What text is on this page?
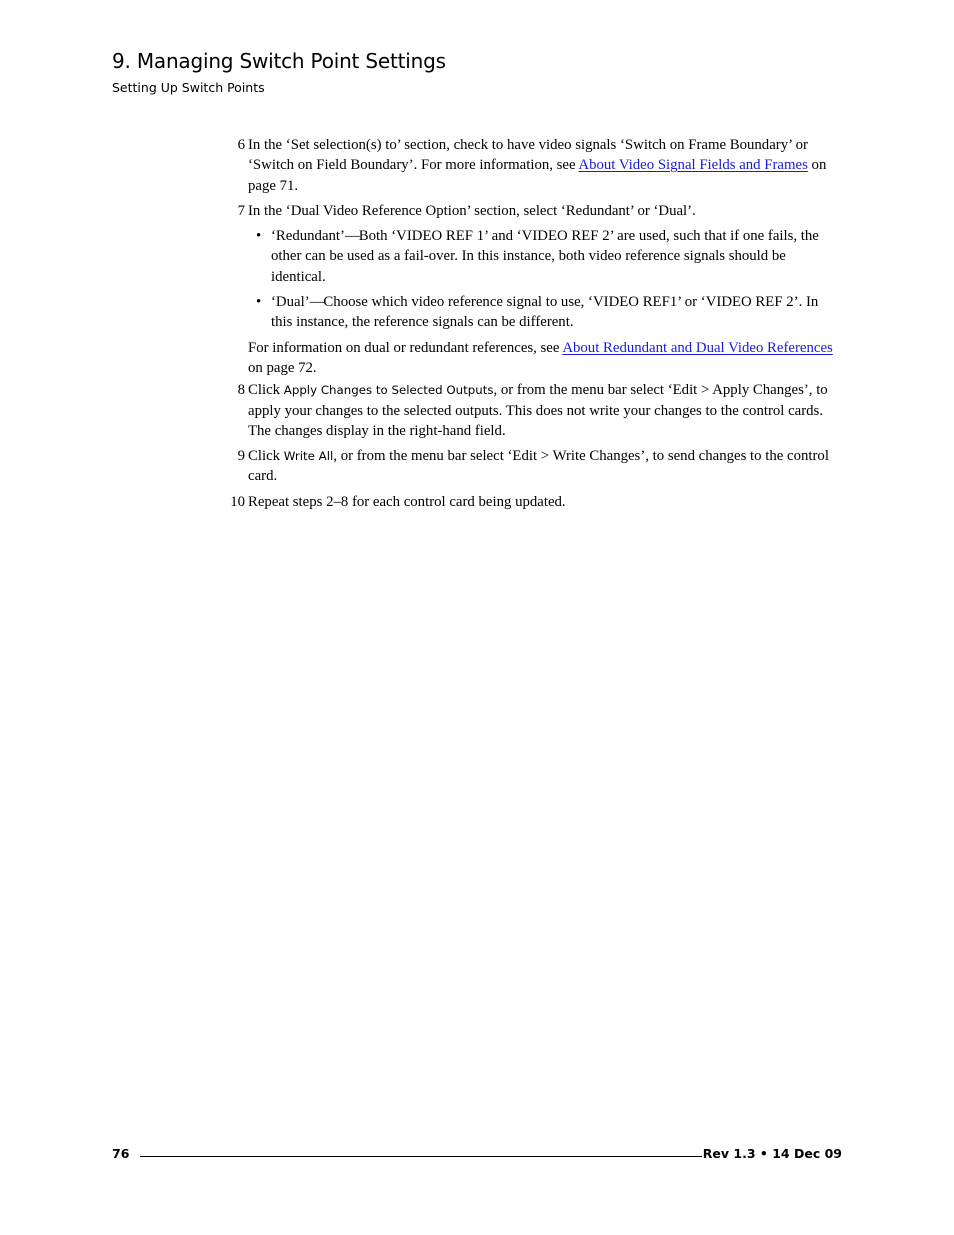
9. Managing Switch Point Settings
Setting Up Switch Points
6 In the ‘Set selection(s) to’ section, check to have video signals ‘Switch on Frame Boundary’ or ‘Switch on Field Boundary’. For more information, see About Video Signal Fields and Frames on page 71.
7 In the ‘Dual Video Reference Option’ section, select ‘Redundant’ or ‘Dual’.
• ‘Redundant’—Both ‘VIDEO REF 1’ and ‘VIDEO REF 2’ are used, such that if one fails, the other can be used as a fail-over. In this instance, both video reference signals should be identical.
• ‘Dual’—Choose which video reference signal to use, ‘VIDEO REF1’ or ‘VIDEO REF 2’. In this instance, the reference signals can be different.
For information on dual or redundant references, see About Redundant and Dual Video References on page 72.
8 Click Apply Changes to Selected Outputs, or from the menu bar select ‘Edit > Apply Changes’, to apply your changes to the selected outputs. This does not write your changes to the control cards. The changes display in the right-hand field.
9 Click Write All, or from the menu bar select ‘Edit > Write Changes’, to send changes to the control card.
10 Repeat steps 2–8 for each control card being updated.
76	Rev 1.3 • 14 Dec 09
